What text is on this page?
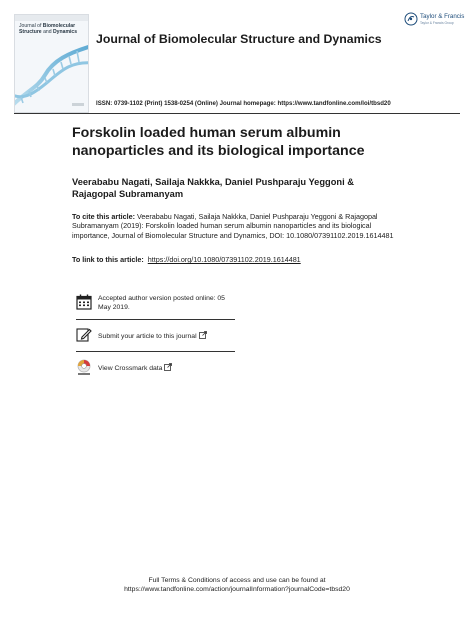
Journal of Biomolecular
Structure and Dynamics
Journal of Biomolecular Structure and Dynamics
Taylor & Francis
Taylor & Francis Group
ISSN: 0739-1102 (Print) 1538-0254 (Online) Journal homepage: https://www.tandfonline.com/loi/tbsd20
Forskolin loaded human serum albumin nanoparticles and its biological importance
Veerababu Nagati, Sailaja Nakkka, Daniel Pushparaju Yeggoni & Rajagopal Subramanyam
To cite this article: Veerababu Nagati, Sailaja Nakkka, Daniel Pushparaju Yeggoni & Rajagopal Subramanyam (2019): Forskolin loaded human serum albumin nanoparticles and its biological importance, Journal of Biomolecular Structure and Dynamics, DOI: 10.1080/07391102.2019.1614481
To link to this article: https://doi.org/10.1080/07391102.2019.1614481
Accepted author version posted online: 05 May 2019.
Submit your article to this journal
View Crossmark data
Full Terms & Conditions of access and use can be found at
https://www.tandfonline.com/action/journalInformation?journalCode=tbsd20
